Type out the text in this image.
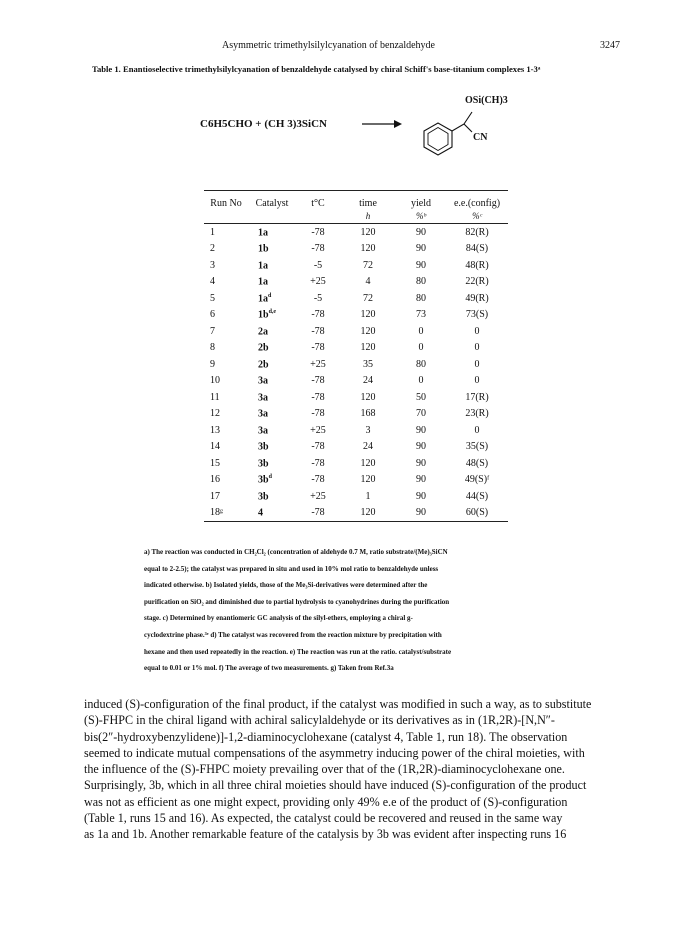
Asymmetric trimethylsilylcyanation of benzaldehyde	3247
Table 1. Enantioselective trimethylsilylcyanation of benzaldehyde catalysed by chiral Schiff's base-titanium complexes 1-3ᵃ
C6H5CHO + (CH 3)3SiCN
OSi(CH)3
CN
Run No	Catalyst	t°C	time	yield	e.e.(config)
			h	%ᵇ	%ᶜ
1	1a	-78	120	90	82(R)
2	1b	-78	120	90	84(S)
3	1a	-5	72	90	48(R)
4	1a	+25	4	80	22(R)
5	$1a^d$	-5	72	80	49(R)
6	$1b^{d,e}$	-78	120	73	73(S)
7	2a	-78	120	0	0
8	2b	-78	120	0	0
9	2b	+25	35	80	0
10	3a	-78	24	0	0
11	3a	-78	120	50	17(R)
12	3a	-78	168	70	23(R)
13	3a	+25	3	90	0
14	3b	-78	24	90	35(S)
15	3b	-78	120	90	48(S)
16	$3b^d$	-78	120	90	49(S)ᶠ
17	3b	+25	1	90	44(S)
18ᵍ	4	-78	120	90	60(S)
a) The reaction was conducted in CH₂Cl₂ (concentration of aldehyde 0.7 M, ratio substrate/(Me)₃SiCN
equal to 2-2.5); the catalyst was prepared in situ and used in 10% mol ratio to benzaldehyde unless
indicated otherwise. b) Isolated yields, those of the Me₃Si-derivatives were determined after the
purification on SiO₂ and diminished due to partial hydrolysis to cyanohydrines during the purification
stage. c) Determined by enantiomeric GC analysis of the silyl-ethers, employing a chiral g-
cyclodextrine phase.³ᵉ d) The catalyst was recovered from the reaction mixture by precipitation with
hexane and then used repeatedly in the reaction. e) The reaction was run at the ratio. catalyst/substrate
equal to 0.01 or 1% mol. f) The average of two measurements. g) Taken from Ref.3a
induced (S)-configuration of the final product, if the catalyst was modified in such a way, as to substitute
(S)-FHPC in the chiral ligand with achiral salicylaldehyde or its derivatives as in (1R,2R)-[N,N″-
bis(2″-hydroxybenzylidene)]-1,2-diaminocyclohexane (catalyst 4, Table 1, run 18). The observation
seemed to indicate mutual compensations of the asymmetry inducing power of the chiral moieties, with
the influence of the (S)-FHPC moiety prevailing over that of the (1R,2R)-diaminocyclohexane one.
Surprisingly, 3b, which in all three chiral moieties should have induced (S)-configuration of the product
was not as efficient as one might expect, providing only 49% e.e of the product of (S)-configuration
(Table 1, runs 15 and 16). As expected, the catalyst could be recovered and reused in the same way
as 1a and 1b. Another remarkable feature of the catalysis by 3b was evident after inspecting runs 16
